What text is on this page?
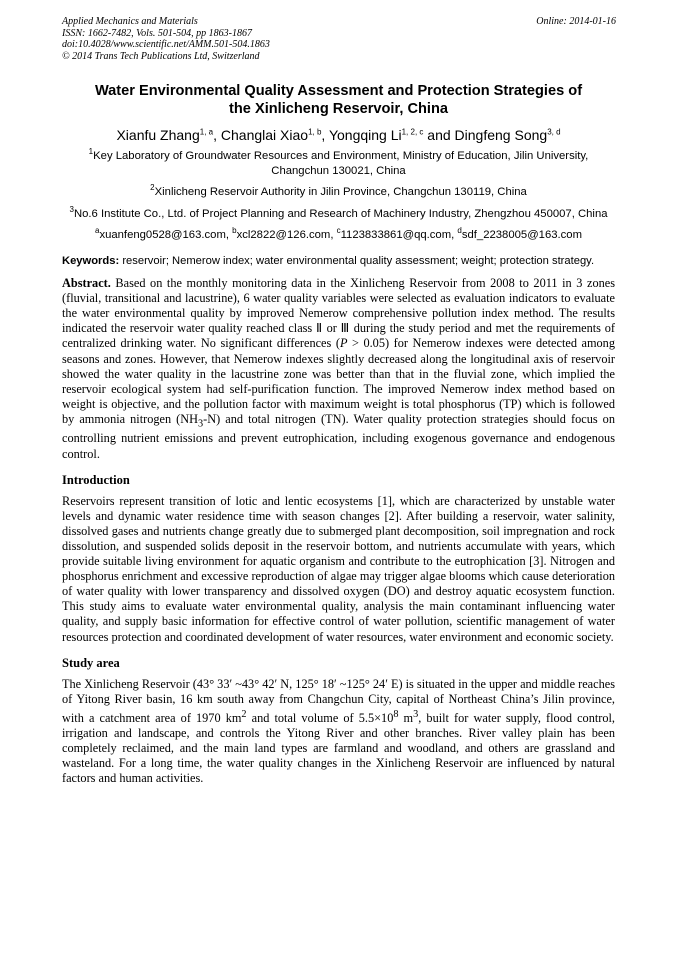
Applied Mechanics and Materials
ISSN: 1662-7482, Vols. 501-504, pp 1863-1867
doi:10.4028/www.scientific.net/AMM.501-504.1863
© 2014 Trans Tech Publications Ltd, Switzerland
Online: 2014-01-16
Water Environmental Quality Assessment and Protection Strategies of
the Xinlicheng Reservoir, China
Xianfu Zhang$^{1, a}$, Changlai Xiao$^{1, b}$, Yongqing Li$^{1, 2, c}$ and Dingfeng Song$^{3, d}$

$^1$Key Laboratory of Groundwater Resources and Environment, Ministry of Education, Jilin University, Changchun 130021, China

$^2$Xinlicheng Reservoir Authority in Jilin Province, Changchun 130119, China

$^3$No.6 Institute Co., Ltd. of Project Planning and Research of Machinery Industry, Zhengzhou 450007, China

$^a$xuanfeng0528@163.com, $^b$xcl2822@126.com, $^c$1123833861@qq.com, $^d$sdf_2238005@163.com

Keywords: reservoir; Nemerow index; water environmental quality assessment; weight; protection strategy.

Abstract. Based on the monthly monitoring data in the Xinlicheng Reservoir from 2008 to 2011 in 3 zones (fluvial, transitional and lacustrine), 6 water quality variables were selected as evaluation indicators to evaluate the water environmental quality by improved Nemerow comprehensive pollution index method. The results indicated the reservoir water quality reached class Ⅱ or Ⅲ during the study period and met the requirements of centralized drinking water. No significant differences (P > 0.05) for Nemerow indexes were detected among seasons and zones. However, that Nemerow indexes slightly decreased along the longitudinal axis of reservoir showed the water quality in the lacustrine zone was better than that in the fluvial zone, which implied the reservoir ecological system had self-purification function. The improved Nemerow index method based on weight is objective, and the pollution factor with maximum weight is total phosphorus (TP) which is followed by ammonia nitrogen $(NH_3-N)$ and total nitrogen (TN). Water quality protection strategies should focus on controlling nutrient emissions and prevent eutrophication, including exogenous governance and endogenous control.

Introduction

Reservoirs represent transition of lotic and lentic ecosystems [1], which are characterized by unstable water levels and dynamic water residence time with season changes [2]. After building a reservoir, water salinity, dissolved gases and nutrients change greatly due to submerged plant decomposition, soil impregnation and rock dissolution, and suspended solids deposit in the reservoir bottom, and nutrients accumulate with years, which provide suitable living environment for aquatic organism and contribute to the eutrophication [3]. Nitrogen and phosphorus enrichment and excessive reproduction of algae may trigger algae blooms which cause deterioration of water quality with lower transparency and dissolved oxygen (DO) and destroy aquatic ecosystem function. This study aims to evaluate water environmental quality, analysis the main contaminant influencing water quality, and supply basic information for effective control of water pollution, scientific management of water resources protection and coordinated development of water resources, water environment and economic society.

Study area

The Xinlicheng Reservoir (43° 33′ ~43° 42′ N, 125° 18′ ~125° 24′ E) is situated in the upper and middle reaches of Yitong River basin, 16 km south away from Changchun City, capital of Northeast China’s Jilin province, with a catchment area of 1970 $km^2$ and total volume of $5.5\times 10^8$ $m^3$, built for water supply, flood control, irrigation and landscape, and controls the Yitong River and other branches. River valley plain has been completely reclaimed, and the main land types are farmland and woodland, and others are grassland and wasteland. For a long time, the water quality changes in the Xinlicheng Reservoir are influenced by natural factors and human activities.
